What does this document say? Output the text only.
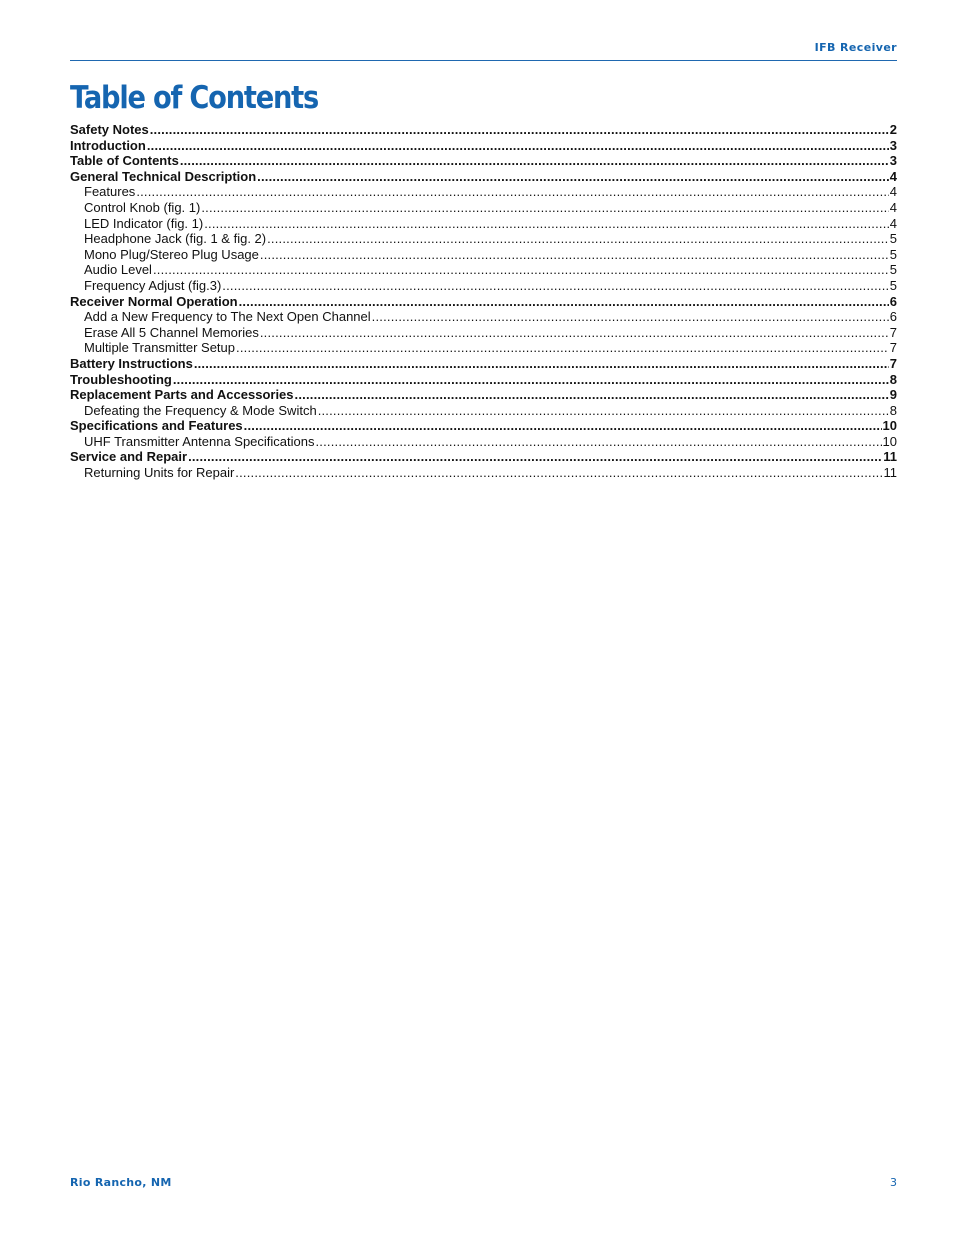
IFB Receiver
Table of Contents
Safety Notes .....	2
Introduction .....	3
Table of Contents .....	3
General Technical Description .....	4
Features .....	4
Control Knob (fig. 1) .....	4
LED Indicator (fig. 1) .....	4
Headphone Jack (fig. 1 & fig. 2) .....	5
Mono Plug/Stereo Plug Usage .....	5
Audio Level .....	5
Frequency Adjust (fig.3) .....	5
Receiver Normal Operation .....	6
Add a New Frequency to The Next Open Channel .....	6
Erase All 5 Channel Memories .....	7
Multiple Transmitter Setup .....	7
Battery Instructions .....	7
Troubleshooting .....	8
Replacement Parts and Accessories .....	9
Defeating the Frequency & Mode Switch .....	8
Specifications and Features .....	10
UHF Transmitter Antenna Specifications .....	10
Service and Repair .....	11
Returning Units for Repair .....	11
Rio Rancho, NM	3
